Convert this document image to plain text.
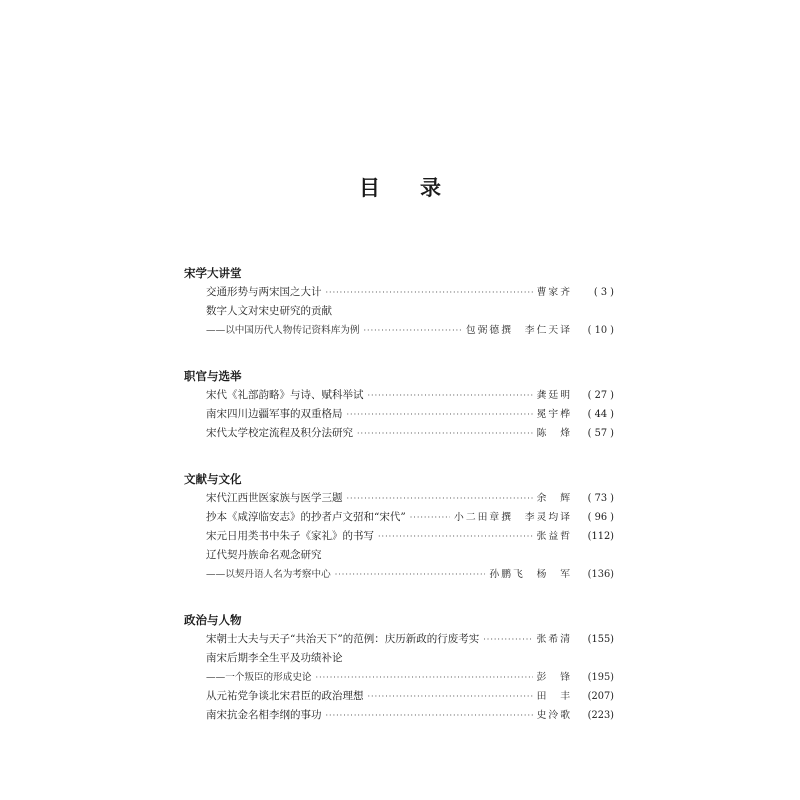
目 录
宋学大讲堂
交通形势与两宋国之大计 ·····	曹家齐	( 3 )
数字人文对宋史研究的贡献
——以中国历代人物传记资料库为例 ·····	包弼德撰　李仁天译	( 10 )
职官与选举
宋代《礼部韵略》与诗、赋科举试 ·····	龚廷明	( 27 )
南宋四川边疆军事的双重格局 ·····	冕宇桦	( 44 )
宋代太学校定流程及积分法研究 ·····	陈　烽	( 57 )
文献与文化
宋代江西世医家族与医学三题 ·····	余　辉	( 73 )
抄本《咸淳临安志》的抄者卢文弨和“宋代” ·····	小二田章撰　李灵均译	( 96 )
宋元日用类书中朱子《家礼》的书写 ·····	张益哲	(112)
辽代契丹族命名观念研究
——以契丹语人名为考察中心 ·····	孙鹏飞　杨　军	(136)
政治与人物
宋朝士大夫与天子“共治天下”的范例：庆历新政的行废考实 ·····	张希清	(155)
南宋后期李全生平及功绩补论
——一个叛臣的形成史论 ·····	彭　锋	(195)
从元祐党争谈北宋君臣的政治理想 ·····	田　丰	(207)
南宋抗金名相李纲的事功 ·····	史泠歌	(223)
